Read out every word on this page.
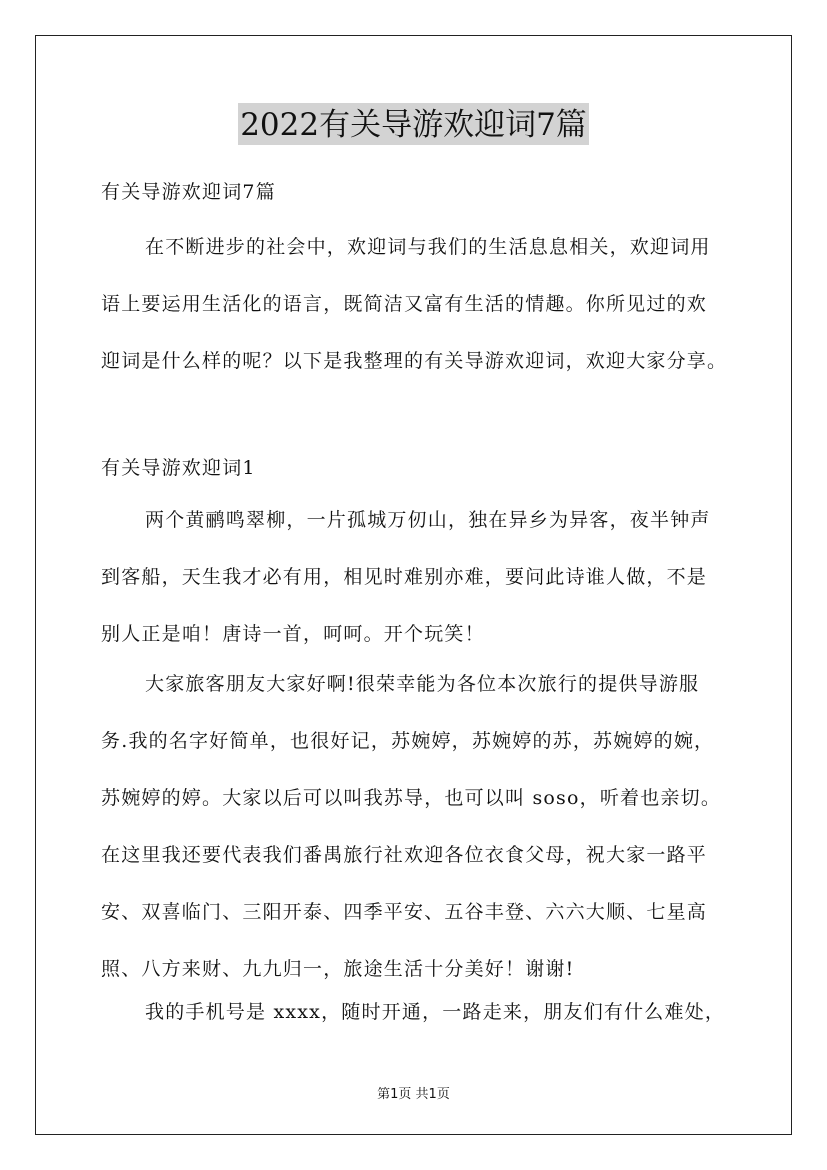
2022有关导游欢迎词7篇
有关导游欢迎词7篇
在不断进步的社会中，欢迎词与我们的生活息息相关，欢迎词用
语上要运用生活化的语言，既简洁又富有生活的情趣。你所见过的欢
迎词是什么样的呢？以下是我整理的有关导游欢迎词，欢迎大家分享。
有关导游欢迎词1
两个黄鹂鸣翠柳，一片孤城万仞山，独在异乡为异客，夜半钟声
到客船，天生我才必有用，相见时难别亦难，要问此诗谁人做，不是
别人正是咱！唐诗一首，呵呵。开个玩笑！
大家旅客朋友大家好啊!很荣幸能为各位本次旅行的提供导游服
务.我的名字好简单，也很好记，苏婉婷，苏婉婷的苏，苏婉婷的婉，
苏婉婷的婷。大家以后可以叫我苏导，也可以叫 soso，听着也亲切。
在这里我还要代表我们番禺旅行社欢迎各位衣食父母，祝大家一路平
安、双喜临门、三阳开泰、四季平安、五谷丰登、六六大顺、七星高
照、八方来财、九九归一，旅途生活十分美好！谢谢!
我的手机号是 xxxx，随时开通，一路走来，朋友们有什么难处，
第1页 共1页
